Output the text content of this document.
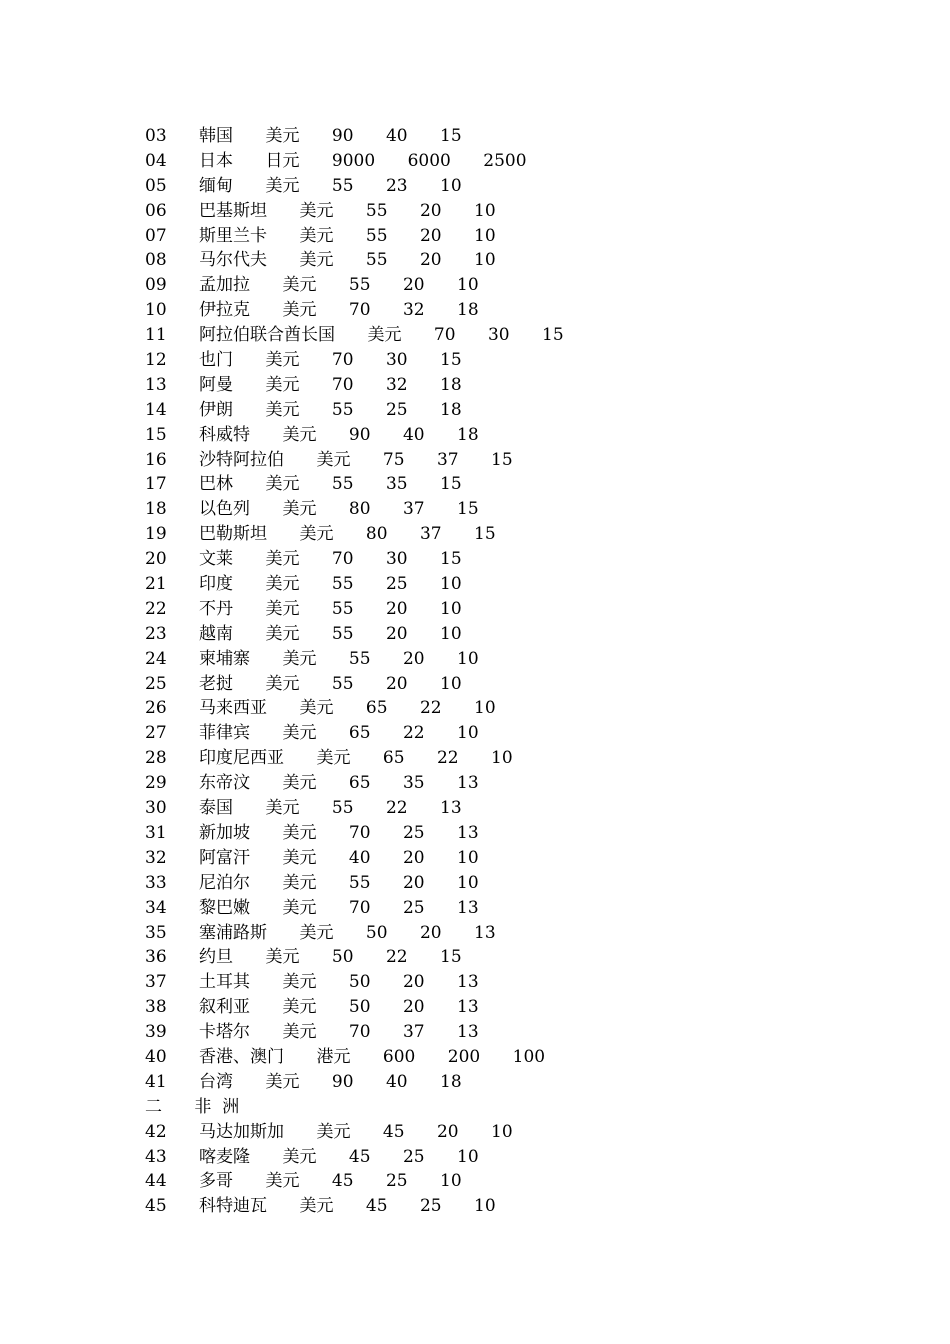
03      韩国      美元      90      40      15
04      日本      日元      9000      6000      2500
05      缅甸      美元      55      23      10
06      巴基斯坦      美元      55      20      10
07      斯里兰卡      美元      55      20      10
08      马尔代夫      美元      55      20      10
09      孟加拉      美元      55      20      10
10      伊拉克      美元      70      32      18
11      阿拉伯联合酋长国      美元      70      30      15
12      也门      美元      70      30      15
13      阿曼      美元      70      32      18
14      伊朗      美元      55      25      18
15      科威特      美元      90      40      18
16      沙特阿拉伯      美元      75      37      15
17      巴林      美元      55      35      15
18      以色列      美元      80      37      15
19      巴勒斯坦      美元      80      37      15
20      文莱      美元      70      30      15
21      印度      美元      55      25      10
22      不丹      美元      55      20      10
23      越南      美元      55      20      10
24      柬埔寨      美元      55      20      10
25      老挝      美元      55      20      10
26      马来西亚      美元      65      22      10
27      菲律宾      美元      65      22      10
28      印度尼西亚      美元      65      22      10
29      东帝汶      美元      65      35      13
30      泰国      美元      55      22      13
31      新加坡      美元      70      25      13
32      阿富汗      美元      40      20      10
33      尼泊尔      美元      55      20      10
34      黎巴嫩      美元      70      25      13
35      塞浦路斯      美元      50      20      13
36      约旦      美元      50      22      15
37      土耳其      美元      50      20      13
38      叙利亚      美元      50      20      13
39      卡塔尔      美元      70      37      13
40      香港、澳门      港元      600      200      100
41      台湾      美元      90      40      18
二      非  洲
42      马达加斯加      美元      45      20      10
43      喀麦隆      美元      45      25      10
44      多哥      美元      45      25      10
45      科特迪瓦      美元      45      25      10
